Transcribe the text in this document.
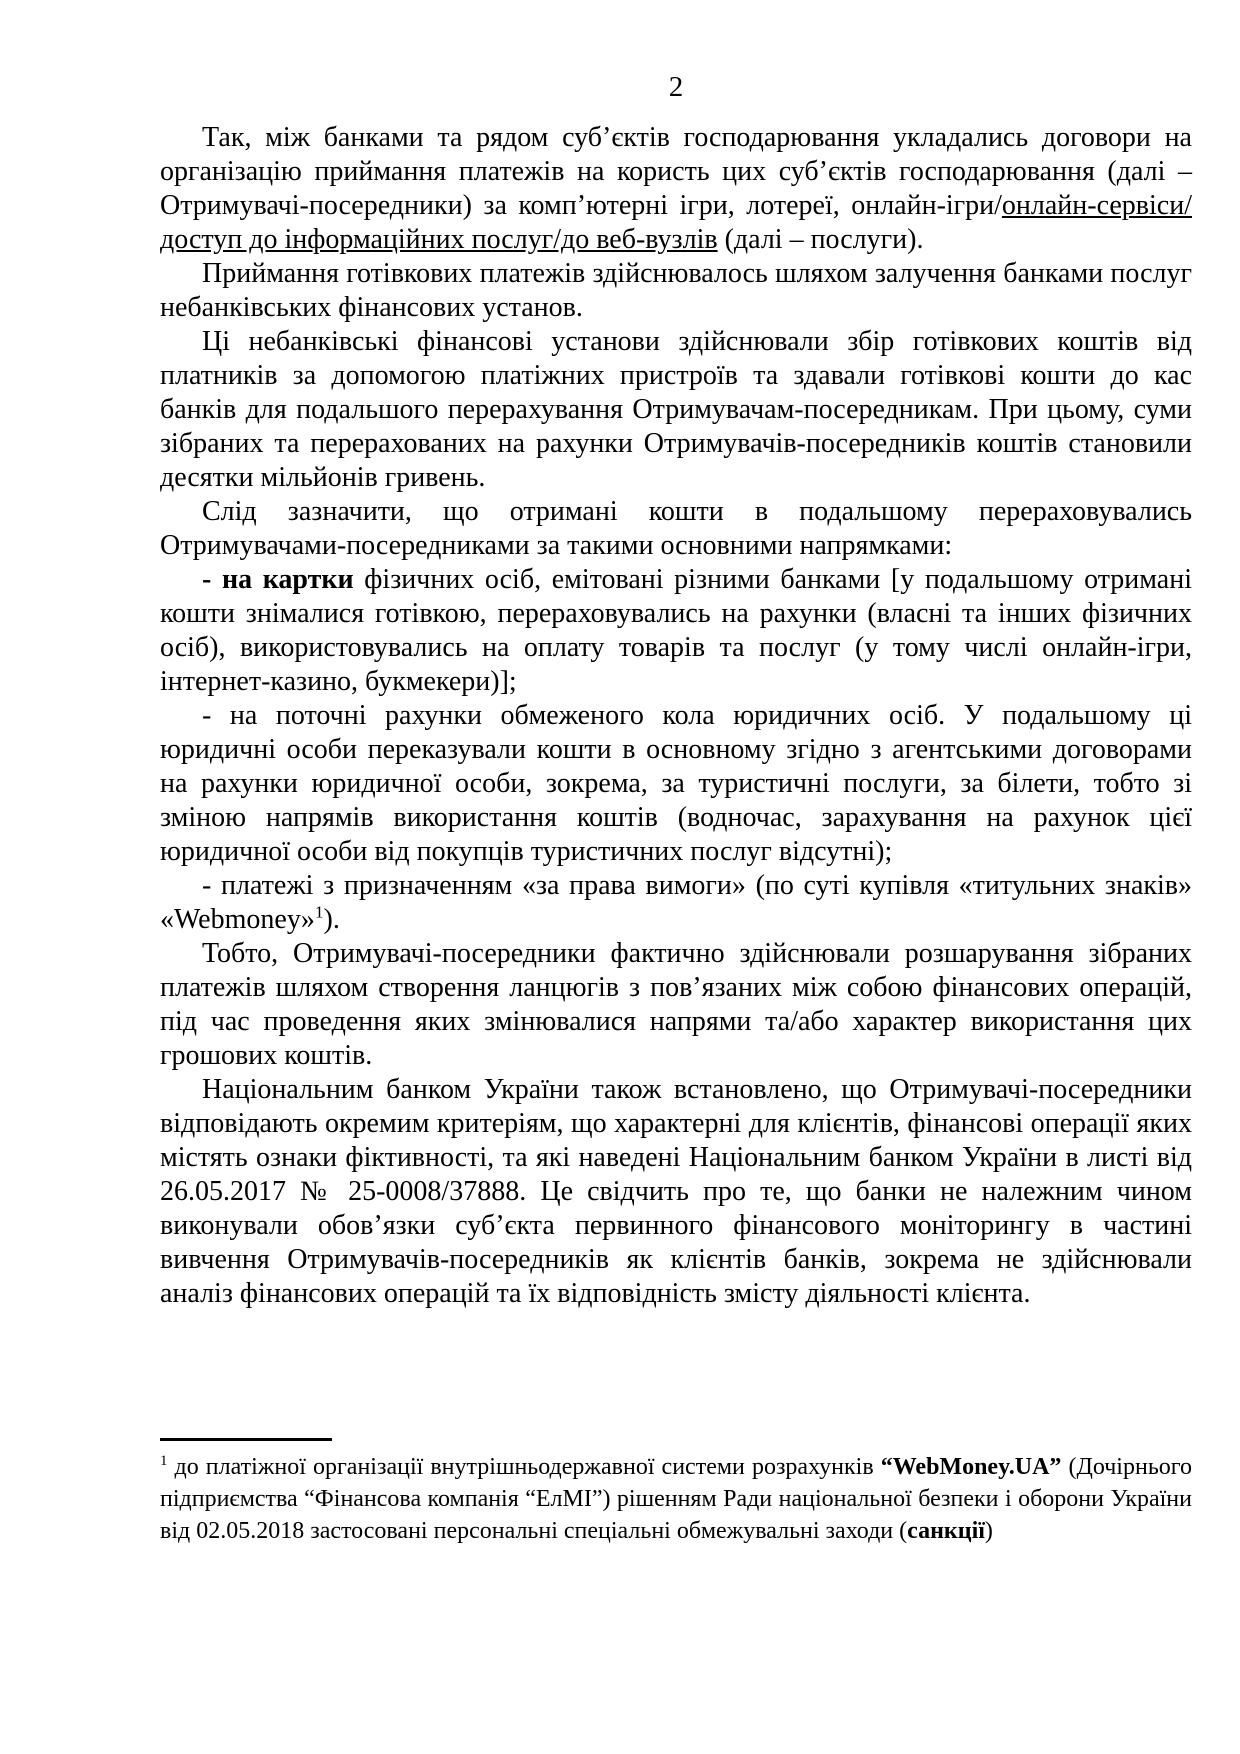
2

Так, між банками та рядом суб’єктів господарювання укладались договори на організацію приймання платежів на користь цих суб’єктів господарювання (далі – Отримувачі-посередники) за комп’ютерні ігри, лотереї, онлайн-ігри/онлайн-сервіси/доступ до інформаційних послуг/до веб-вузлів (далі – послуги).

Приймання готівкових платежів здійснювалось шляхом залучення банками послуг небанківських фінансових установ.

Ці небанківські фінансові установи здійснювали збір готівкових коштів від платників за допомогою платіжних пристроїв та здавали готівкові кошти до кас банків для подальшого перерахування Отримувачам-посередникам. При цьому, суми зібраних та перерахованих на рахунки Отримувачів-посередників коштів становили десятки мільйонів гривень.

Слід зазначити, що отримані кошти в подальшому перераховувались Отримувачами-посередниками за такими основними напрямками:

- на картки фізичних осіб, емітовані різними банками [у подальшому отримані кошти знімалися готівкою, перераховувались на рахунки (власні та інших фізичних осіб), використовувались на оплату товарів та послуг (у тому числі онлайн-ігри, інтернет-казино, букмекери)];

- на поточні рахунки обмеженого кола юридичних осіб. У подальшому ці юридичні особи переказували кошти в основному згідно з агентськими договорами на рахунки юридичної особи, зокрема, за туристичні послуги, за білети, тобто зі зміною напрямів використання коштів (водночас, зарахування на рахунок цієї юридичної особи від покупців туристичних послуг відсутні);

- платежі з призначенням «за права вимоги» (по суті купівля «титульних знаків» «Webmoney»$^1$).

Тобто, Отримувачі-посередники фактично здійснювали розшарування зібраних платежів шляхом створення ланцюгів з пов’язаних між собою фінансових операцій, під час проведення яких змінювалися напрями та/або характер використання цих грошових коштів.

Національним банком України також встановлено, що Отримувачі-посередники відповідають окремим критеріям, що характерні для клієнтів, фінансові операції яких містять ознаки фіктивності, та які наведені Національним банком України в листі від 26.05.2017 № 25-0008/37888. Це свідчить про те, що банки не належним чином виконували обов’язки суб’єкта первинного фінансового моніторингу в частині вивчення Отримувачів-посередників як клієнтів банків, зокрема не здійснювали аналіз фінансових операцій та їх відповідність змісту діяльності клієнта.

$^1$ до платіжної організації внутрішньодержавної системи розрахунків “WebMoney.UA” (Дочірнього підприємства “Фінансова компанія “ЕлМІ”) рішенням Ради національної безпеки і оборони України від 02.05.2018 застосовані персональні спеціальні обмежувальні заходи (санкції)
